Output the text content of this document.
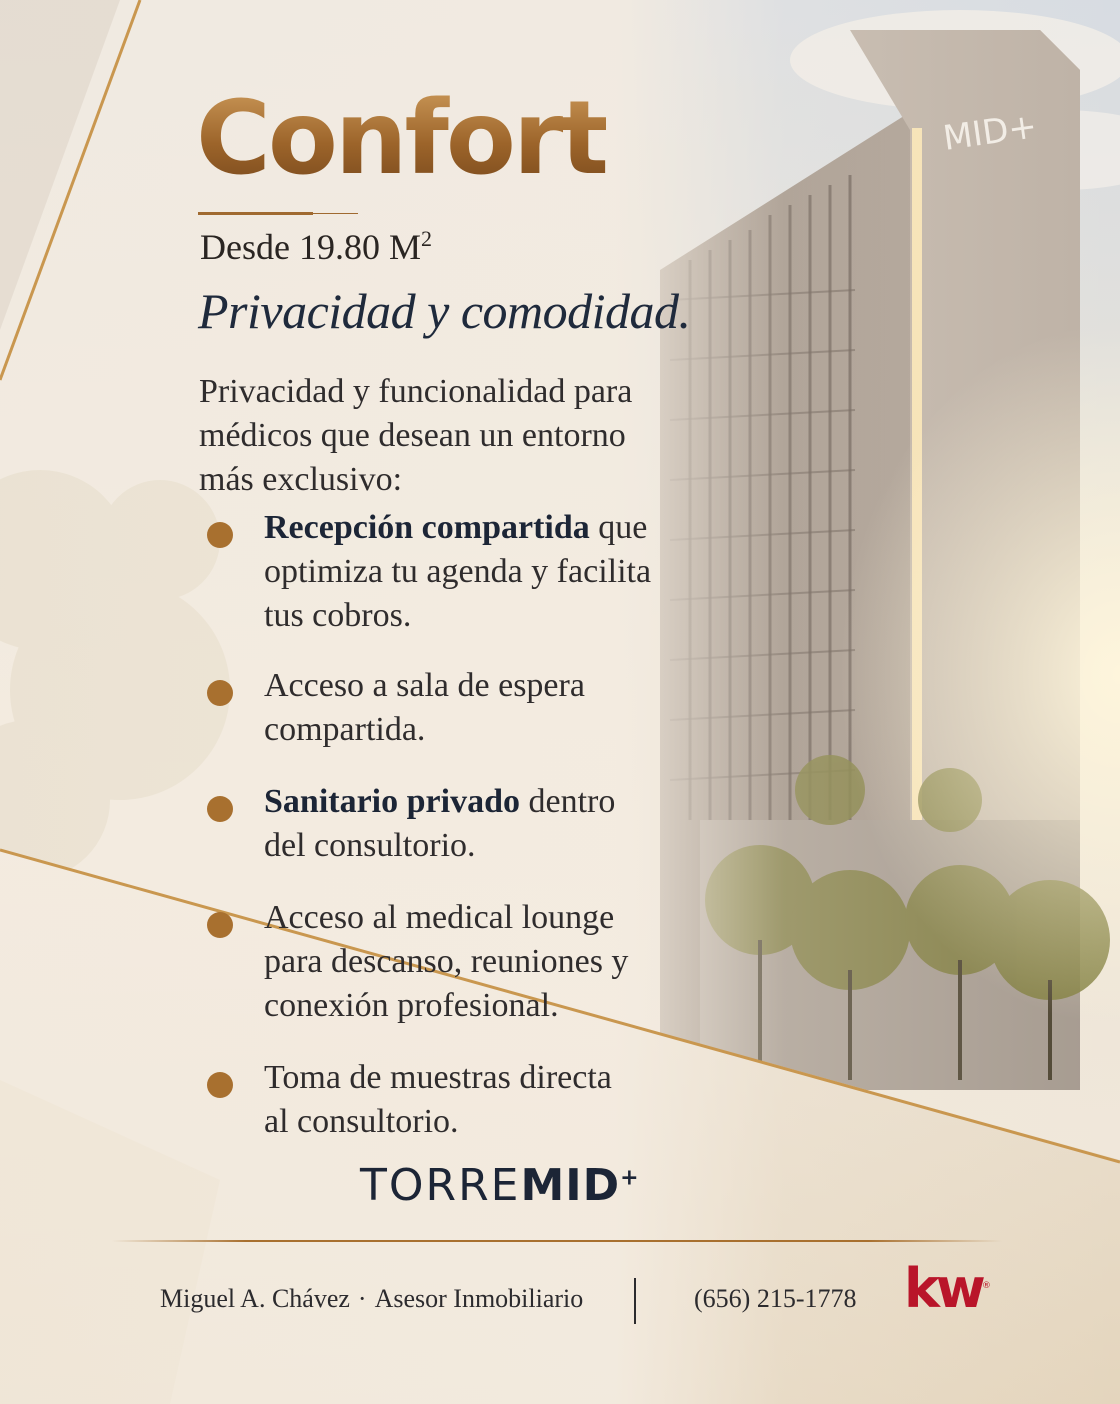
Confort
Desde 19.80 $M^2$
Privacidad y comodidad.
Privacidad y funcionalidad para
médicos que desean un entorno
más exclusivo:
Recepción compartida que optimiza tu agenda y facilita tus cobros.
Acceso a sala de espera compartida.
Sanitario privado dentro del consultorio.
Acceso al medical lounge para descanso, reuniones y conexión profesional.
Toma de muestras directa al consultorio.
TORREMID+
Miguel A. Chávez · Asesor Inmobiliario	(656) 215-1778 kw®
